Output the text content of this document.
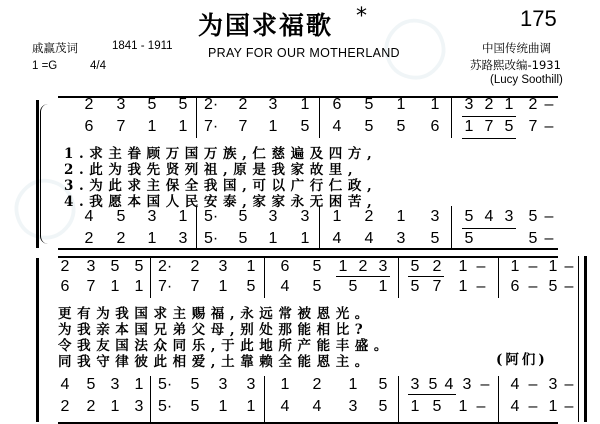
◯
◯
为国求福歌 *	175
PRAY FOR OUR MOTHERLAND
戚赢茂词	1841 - 1911
1 =G	4/4
中国传统曲调
苏路熙改编-1931
(Lucy Soothill)
2 3 5 5 2· 2 3 1 6 5 1 1 3 2 1 2 –
6 7 1 1 7· 7 1 5 4 5 5 6 1 7 5 7 –
1.求主眷顾万国万族,仁慈遍及四方,
2.此为我先贤列祖,原是我家故里,
3.为此求主保全我国,可以广行仁政,
4.我愿本国人民安泰,家家永无困苦,
4 5 3 1 5· 5 3 3 1 2 1 3 5 4 3 5 –
2 2 1 3 5· 5 1 1 4 4 3 5 5	5 –
2 3 5 5 2· 2 3 1 6 5 1 2 3 5 2 1 – 1 – 1 –
6 7 1 1 7· 7 1 5 4 5 5 1 5 7 1 – 6 – 5 –
更有为我国求主赐福,永远常被恩光。
为我亲本国兄弟父母,别处那能相比?
令我友国法众同乐,于此地所产能丰盛。
同我守律彼此相爱,土靠赖全能恩主。	(阿们)
4 5 3 1 5· 5 3 3 1 2 1 5 3 5 4 3 – 4 – 3 –
2 2 1 3 5· 5 1 1 4 4 3 5 1 5 1 – 4 – 1 –
